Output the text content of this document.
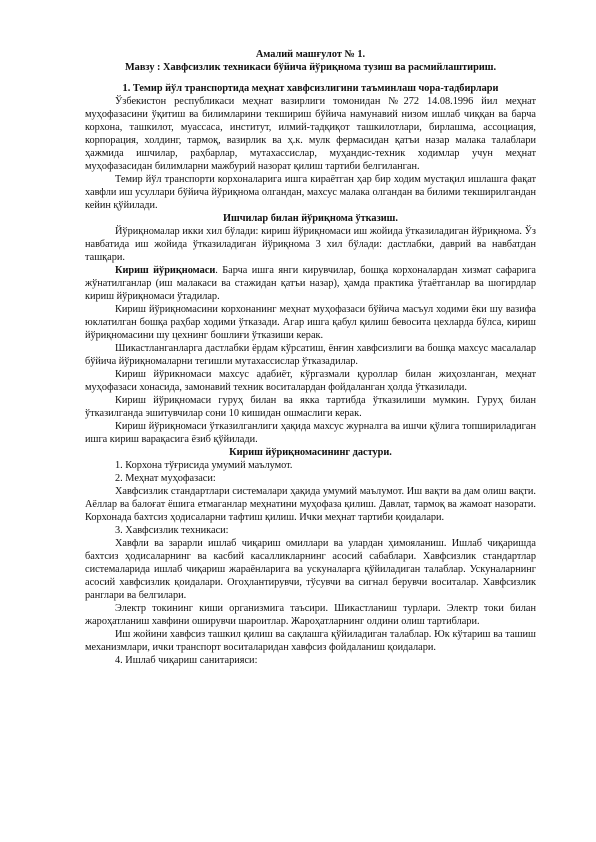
Амалий машғулот № 1.
Мавзу : Хавфсизлик техникаси бўйича йўриқнома тузиш ва расмийлаштириш.
1. Темир йўл транспортида меҳнат хавфсизлигини таъминлаш чора-тадбирлари

Ўзбекистон республикаси меҳнат вазирлиги томонидан №272 14.08.1996 йил меҳнат муҳофазасини ўқитиш ва билимларини текшириш бўйича намунавий низом ишлаб чиққан ва барча корхона, ташкилот, муассаса, институт, илмий-тадқиқот ташкилотлари, бирлашма, ассоциация, корпорация, холдинг, тармоқ, вазирлик ва ҳ.к. мулк фермасидан қатъи назар малака талаблари ҳажмида ишчилар, раҳбарлар, мутахассислар, муҳандис-техник ходимлар учун меҳнат муҳофазасидан билимларни мажбурий назорат қилиш тартиби белгиланган.

Темир йўл транспорти корхоналарига ишга кираётган ҳар бир ходим мустақил ишлашга фақат хавфли иш усуллари бўйича йўриқнома олгандан, махсус малака олгандан ва билими текширилгандан кейин қўйилади.

Ишчилар билан йўриқнома ўтказиш.

Йўриқномалар икки хил бўлади: кириш йўриқномаси иш жойида ўтказиладиган йўриқнома. Ўз навбатида иш жойида ўтказиладиган йўриқнома 3 хил бўлади: дастлабки, даврий ва навбатдан ташқари.

Кириш йўриқномаси. Барча ишга янги кирувчилар, бошқа корхоналардан хизмат сафарига жўнатилганлар (иш малакаси ва стажидан қатъи назар), ҳамда практика ўтаётганлар ва шогирдлар кириш йўриқномаси ўтадилар.

Кириш йўриқномасини корхонанинг меҳнат муҳофазаси бўйича масъул ходими ёки шу вазифа юклатилган бошқа раҳбар ходими ўтказади. Агар ишга қабул қилиш бевосита цехларда бўлса, кириш йўриқномасини шу цехнинг бошлиғи ўтказиши керак.

Шикастланганларга дастлабки ёрдам кўрсатиш, ёнғин хавфсизлиги ва бошқа махсус масалалар бўйича йўриқномаларни тегишли мутахассислар ўтказадилар.

Кириш йўрикномаси махсус адабиёт, кўргазмали қуроллар билан жиҳозланган, меҳнат муҳофазаси хонасида, замонавий техник воситалардан фойдаланган ҳолда ўтказилади.

Кириш йўриқномаси гуруҳ билан ва якка тартибда ўтказилиши мумкин. Гуруҳ билан ўтказилганда эшитувчилар сони 10 кишидан ошмаслиги керак.

Кириш йўриқномаси ўтказилганлиги ҳақида махсус журналга ва ишчи қўлига топшириладиган ишга кириш варақасига ёзиб қўйилади.

Кириш йўриқномасининг дастури.

1. Корхона тўғрисида умумий маълумот.

2. Меҳнат муҳофазаси:

Хавфсизлик стандартлари системалари ҳақида умумий маълумот. Иш вақти ва дам олиш вақти. Аёллар ва балоғат ёшига етмаганлар меҳнатини муҳофаза қилиш. Давлат, тармоқ ва жамоат назорати. Корхонада бахтсиз ҳодисаларни тафтиш қилиш. Ички меҳнат тартиби қоидалари.

3. Хавфсизлик техникаси:

Хавфли ва зарарли ишлаб чиқариш омиллари ва улардан ҳимояланиш. Ишлаб чиқаришда бахтсиз ҳодисаларнинг ва касбий касалликларнинг асосий сабаблари. Хавфсизлик стандартлар системаларида ишлаб чиқариш жараёнларига ва ускуналарга қўйиладиган талаблар. Ускуналарнинг асосий хавфсизлик қоидалари. Огоҳлантирувчи, тўсувчи ва сигнал берувчи воситалар. Хавфсизлик ранглари ва белгилари.

Электр токининг киши организмига таъсири. Шикастланиш турлари. Электр токи билан жароҳатланиш хавфини оширувчи шароитлар. Жароҳатларнинг олдини олиш тартиблари.

Иш жойини хавфсиз ташкил қилиш ва сақлашга қўйиладиган талаблар. Юк кўтариш ва ташиш механизмлари, ички транспорт воситаларидан хавфсиз фойдаланиш қоидалари.

4. Ишлаб чиқариш санитарияси:
